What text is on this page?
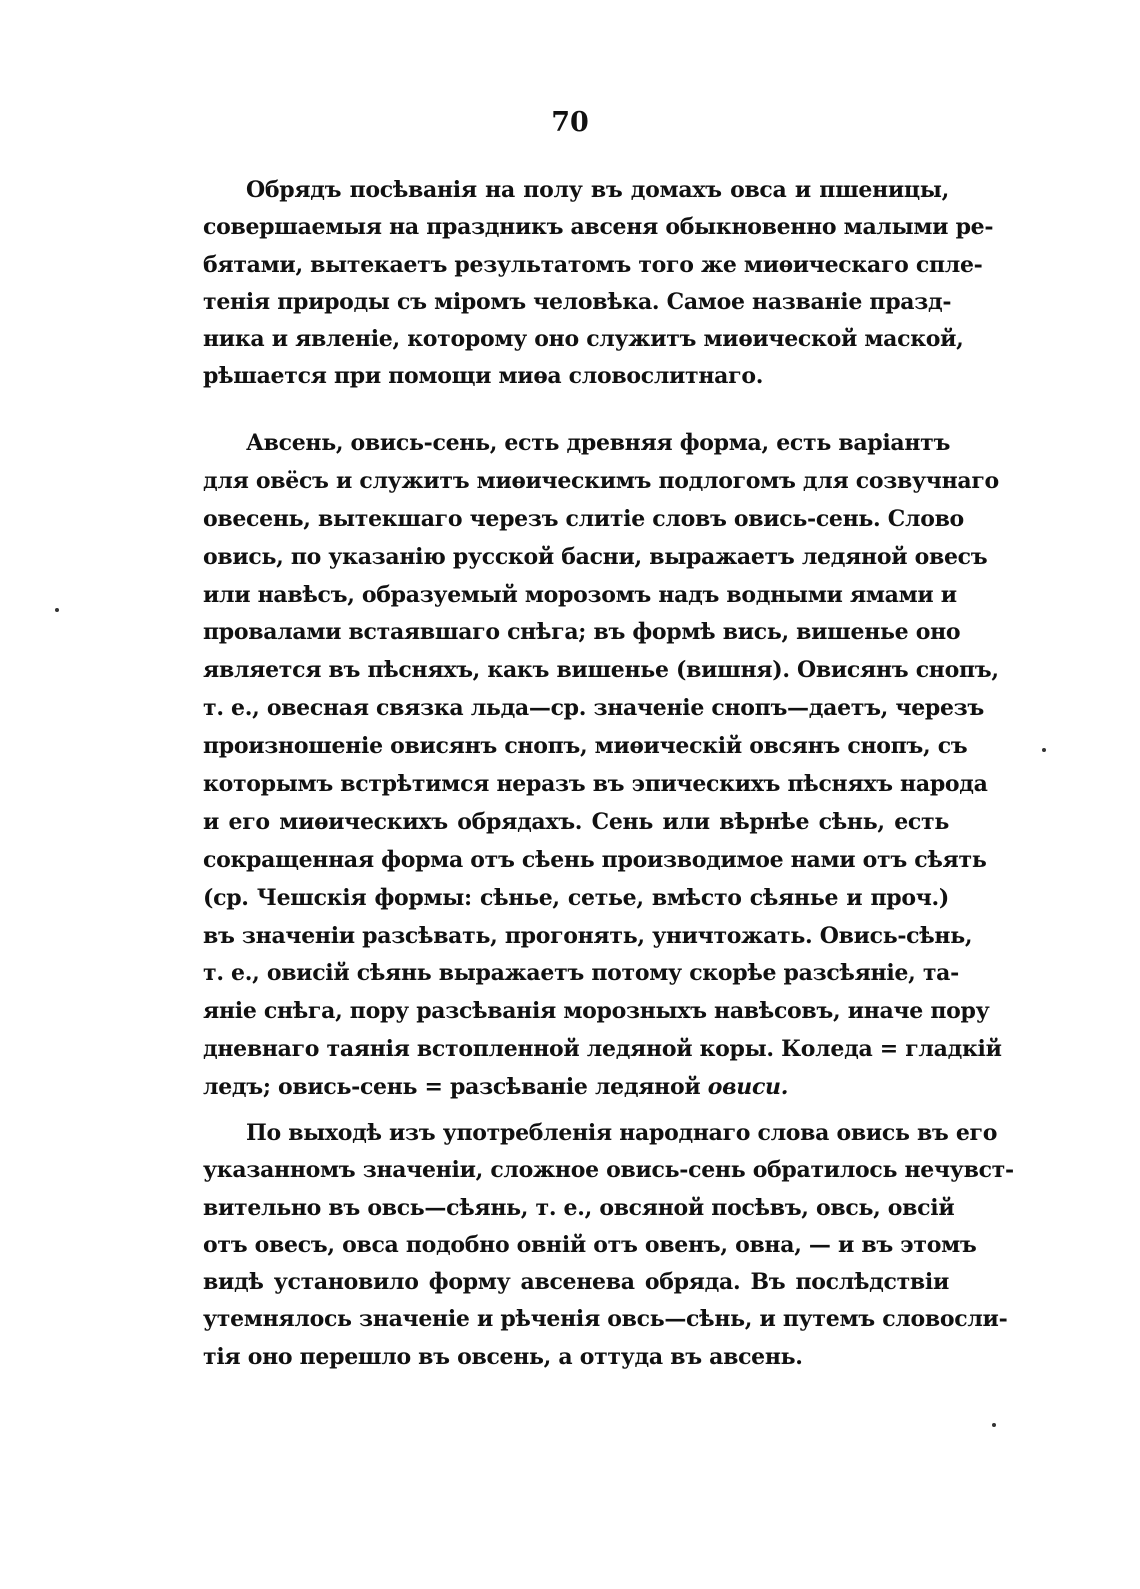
70
Обрядъ посѣванія на полу въ домахъ овса и пшеницы,
совершаемыя на праздникъ авсеня обыкновенно малыми ре-
бятами, вытекаетъ результатомъ того же миѳическаго спле-
тенія природы съ міромъ человѣка. Самое названіе празд-
ника и явленіе, которому оно служитъ миѳической маской,
рѣшается при помощи миѳа словослитнаго.
Авсень, овись-сень, есть древняя форма, есть варіантъ
для овёсъ и служитъ миѳическимъ подлогомъ для созвучнаго
овесень, вытекшаго черезъ слитіе словъ овись-сень. Слово
овись, по указанію русской басни, выражаетъ ледяной овесъ
или навѣсъ, образуемый морозомъ надъ водными ямами и
провалами встаявшаго снѣга; въ формѣ вись, вишенье оно
является въ пѣсняхъ, какъ вишенье (вишня). Овисянъ снопъ,
т. е., овесная связка льда—ср. значеніе снопъ—даетъ, черезъ
произношеніе овисянъ снопъ, миѳическій овсянъ снопъ, съ
которымъ встрѣтимся неразъ въ эпическихъ пѣсняхъ народа
и его миѳическихъ обрядахъ. Сень или вѣрнѣе сѣнь, есть
сокращенная форма отъ сѣень производимое нами отъ сѣять
(ср. Чешскія формы: сѣнье, сетье, вмѣсто сѣянье и проч.)
въ значеніи разсѣвать, прогонять, уничтожать. Овись-сѣнь,
т. е., овисій сѣянь выражаетъ потому скорѣе разсѣяніе, та-
яніе снѣга, пору разсѣванія морозныхъ навѣсовъ, иначе пору
дневнаго таянія встопленной ледяной коры. Коледа = гладкій
ледъ; овись-сень = разсѣваніе ледяной овиси.
По выходѣ изъ употребленія народнаго слова овись въ его
указанномъ значеніи, сложное овись-сень обратилось нечувст-
вительно въ овсь—сѣянь, т. е., овсяной посѣвъ, овсь, овсій
отъ овесъ, овса подобно овній отъ овенъ, овна, — и въ этомъ
видѣ установило форму авсенева обряда. Въ послѣдствіи
утемнялось значеніе и рѣченія овсь—сѣнь, и путемъ словосли-
тія оно перешло въ овсень, а оттуда въ авсень.
